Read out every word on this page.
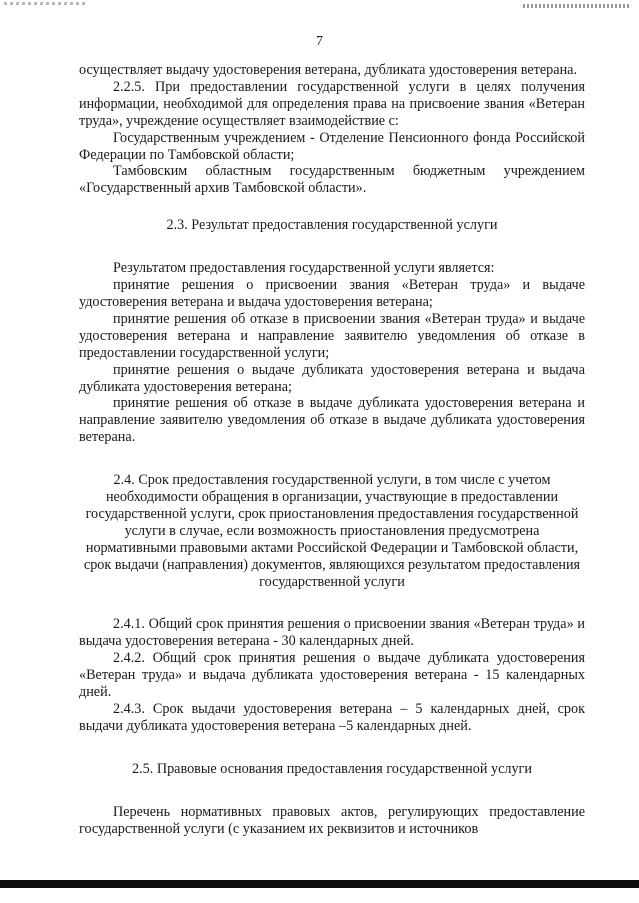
7

осуществляет выдачу удостоверения ветерана, дубликата удостоверения ветерана.

2.2.5. При предоставлении государственной услуги в целях получения информации, необходимой для определения права на присвоение звания «Ветеран труда», учреждение осуществляет взаимодействие с:

Государственным учреждением - Отделение Пенсионного фонда Российской Федерации по Тамбовской области;

Тамбовским областным государственным бюджетным учреждением «Государственный архив Тамбовской области».

2.3. Результат предоставления государственной услуги

Результатом предоставления государственной услуги является:

принятие решения о присвоении звания «Ветеран труда» и выдаче удостоверения ветерана и выдача удостоверения ветерана;

принятие решения об отказе в присвоении звания «Ветеран труда» и выдаче удостоверения ветерана и направление заявителю уведомления об отказе в предоставлении государственной услуги;

принятие решения о выдаче дубликата удостоверения ветерана и выдача дубликата удостоверения ветерана;

принятие решения об отказе в выдаче дубликата удостоверения ветерана и направление заявителю уведомления об отказе в выдаче дубликата удостоверения ветерана.

2.4. Срок предоставления государственной услуги, в том числе с учетом необходимости обращения в организации, участвующие в предоставлении государственной услуги, срок приостановления предоставления государственной услуги в случае, если возможность приостановления предусмотрена нормативными правовыми актами Российской Федерации и Тамбовской области, срок выдачи (направления) документов, являющихся результатом предоставления государственной услуги

2.4.1. Общий срок принятия решения о присвоении звания «Ветеран труда» и выдача удостоверения ветерана - 30 календарных дней.

2.4.2. Общий срок принятия решения о выдаче дубликата удостоверения «Ветеран труда» и выдача дубликата удостоверения ветерана - 15 календарных дней.

2.4.3. Срок выдачи удостоверения ветерана – 5 календарных дней, срок выдачи дубликата удостоверения ветерана –5 календарных дней.

2.5. Правовые основания предоставления государственной услуги

Перечень нормативных правовых актов, регулирующих предоставление государственной услуги (с указанием их реквизитов и источников
